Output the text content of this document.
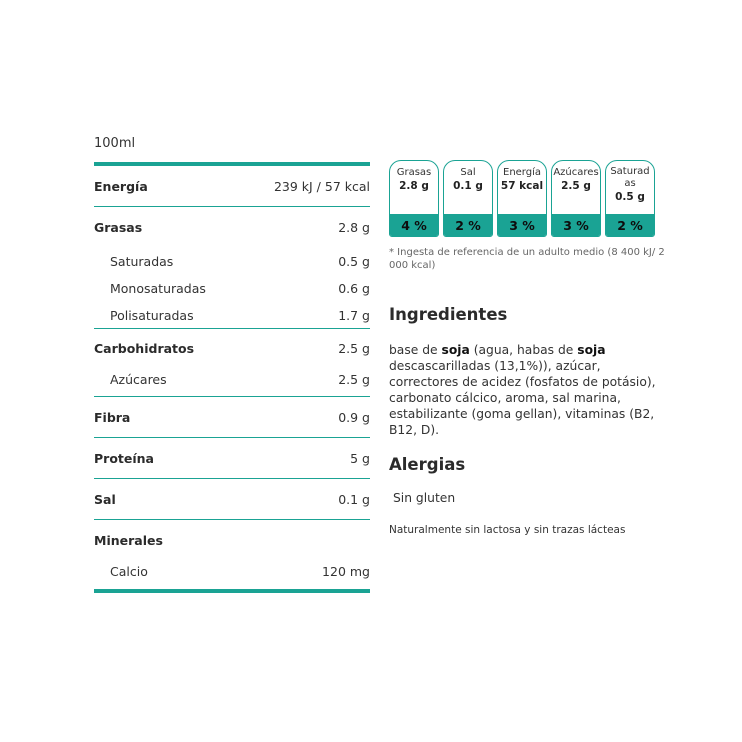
100ml
Energía	239 kJ / 57 kcal
Grasas	2.8 g
Saturadas	0.5 g
Monosaturadas	0.6 g
Polisaturadas	1.7 g
Carbohidratos	2.5 g
Azúcares	2.5 g
Fibra	0.9 g
Proteína	5 g
Sal	0.1 g
Minerales
Calcio	120 mg
Grasas
2.8 g
4 %
Sal
0.1 g
2 %
Energía
57 kcal
3 %
Azúcares
2.5 g
3 %
Saturadas
0.5 g
2 %
* Ingesta de referencia de un adulto medio (8 400 kJ/ 2 000 kcal)
Ingredientes
base de soja (agua, habas de soja descascarilladas (13,1%)), azúcar, correctores de acidez (fosfatos de potásio), carbonato cálcico, aroma, sal marina, estabilizante (goma gellan), vitaminas (B2, B12, D).
Alergias
Sin gluten
Naturalmente sin lactosa y sin trazas lácteas
